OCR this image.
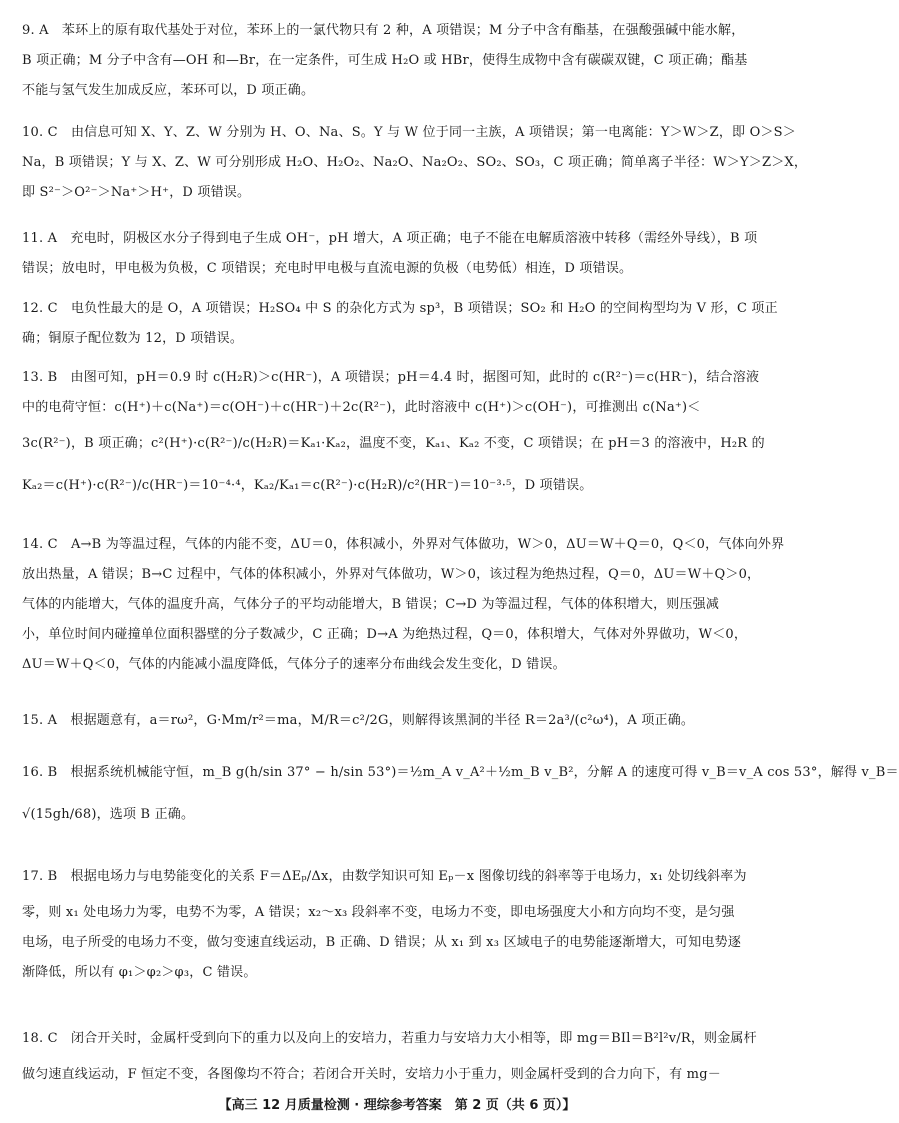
9. A　苯环上的原有取代基处于对位，苯环上的一氯代物只有 2 种，A 项错误；M 分子中含有酯基，在强酸强碱中能水解，
B 项正确；M 分子中含有—OH 和—Br，在一定条件，可生成 H₂O 或 HBr，使得生成物中含有碳碳双键，C 项正确；酯基
不能与氢气发生加成反应，苯环可以，D 项正确。
10. C　由信息可知 X、Y、Z、W 分别为 H、O、Na、S。Y 与 W 位于同一主族，A 项错误；第一电离能：Y＞W＞Z，即 O＞S＞
Na，B 项错误；Y 与 X、Z、W 可分别形成 H₂O、H₂O₂、Na₂O、Na₂O₂、SO₂、SO₃，C 项正确；简单离子半径：W＞Y＞Z＞X，
即 S²⁻＞O²⁻＞Na⁺＞H⁺，D 项错误。
11. A　充电时，阴极区水分子得到电子生成 OH⁻，pH 增大，A 项正确；电子不能在电解质溶液中转移（需经外导线），B 项
错误；放电时，甲电极为负极，C 项错误；充电时甲电极与直流电源的负极（电势低）相连，D 项错误。
12. C　电负性最大的是 O，A 项错误；H₂SO₄ 中 S 的杂化方式为 sp³，B 项错误；SO₂ 和 H₂O 的空间构型均为 V 形，C 项正
确；铜原子配位数为 12，D 项错误。
13. B　由图可知，pH＝0.9 时 c(H₂R)＞c(HR⁻)，A 项错误；pH＝4.4 时，据图可知，此时的 c(R²⁻)＝c(HR⁻)，结合溶液
中的电荷守恒：c(H⁺)＋c(Na⁺)＝c(OH⁻)＋c(HR⁻)＋2c(R²⁻)，此时溶液中 c(H⁺)＞c(OH⁻)，可推测出 c(Na⁺)＜
3c(R²⁻)，B 项正确；c²(H⁺)·c(R²⁻)/c(H₂R)＝Kₐ₁·Kₐ₂，温度不变，Kₐ₁、Kₐ₂ 不变，C 项错误；在 pH＝3 的溶液中，H₂R 的
Kₐ₂＝c(H⁺)·c(R²⁻)/c(HR⁻)＝10⁻⁴·⁴，Kₐ₂/Kₐ₁＝c(R²⁻)·c(H₂R)/c²(HR⁻)＝10⁻³·⁵，D 项错误。
14. C　A→B 为等温过程，气体的内能不变，ΔU＝0，体积减小，外界对气体做功，W＞0，ΔU＝W＋Q＝0，Q＜0，气体向外界
放出热量，A 错误；B→C 过程中，气体的体积减小，外界对气体做功，W＞0，该过程为绝热过程，Q＝0，ΔU＝W＋Q＞0，
气体的内能增大，气体的温度升高，气体分子的平均动能增大，B 错误；C→D 为等温过程，气体的体积增大，则压强减
小，单位时间内碰撞单位面积器壁的分子数减少，C 正确；D→A 为绝热过程，Q＝0，体积增大，气体对外界做功，W＜0，
ΔU＝W＋Q＜0，气体的内能减小温度降低，气体分子的速率分布曲线会发生变化，D 错误。
15. A　根据题意有，a＝rω²，G·Mm/r²＝ma，M/R＝c²/2G，则解得该黑洞的半径 R＝2a³/(c²ω⁴)，A 项正确。
16. B　根据系统机械能守恒，m_B g(h/sin 37° − h/sin 53°)＝½m_A v_A²＋½m_B v_B²，分解 A 的速度可得 v_B＝v_A cos 53°，解得 v_B＝
√(15gh/68)，选项 B 正确。
17. B　根据电场力与电势能变化的关系 F＝ΔEₚ/Δx，由数学知识可知 Eₚ－x 图像切线的斜率等于电场力，x₁ 处切线斜率为
零，则 x₁ 处电场力为零，电势不为零，A 错误；x₂～x₃ 段斜率不变，电场力不变，即电场强度大小和方向均不变，是匀强
电场，电子所受的电场力不变，做匀变速直线运动，B 正确、D 错误；从 x₁ 到 x₃ 区域电子的电势能逐渐增大，可知电势逐
渐降低，所以有 φ₁＞φ₂＞φ₃，C 错误。
18. C　闭合开关时，金属杆受到向下的重力以及向上的安培力，若重力与安培力大小相等，即 mg＝BIl＝B²l²v/R，则金属杆
做匀速直线运动，F 恒定不变，各图像均不符合；若闭合开关时，安培力小于重力，则金属杆受到的合力向下，有 mg－
【高三 12 月质量检测 · 理综参考答案　第 2 页（共 6 页）】
